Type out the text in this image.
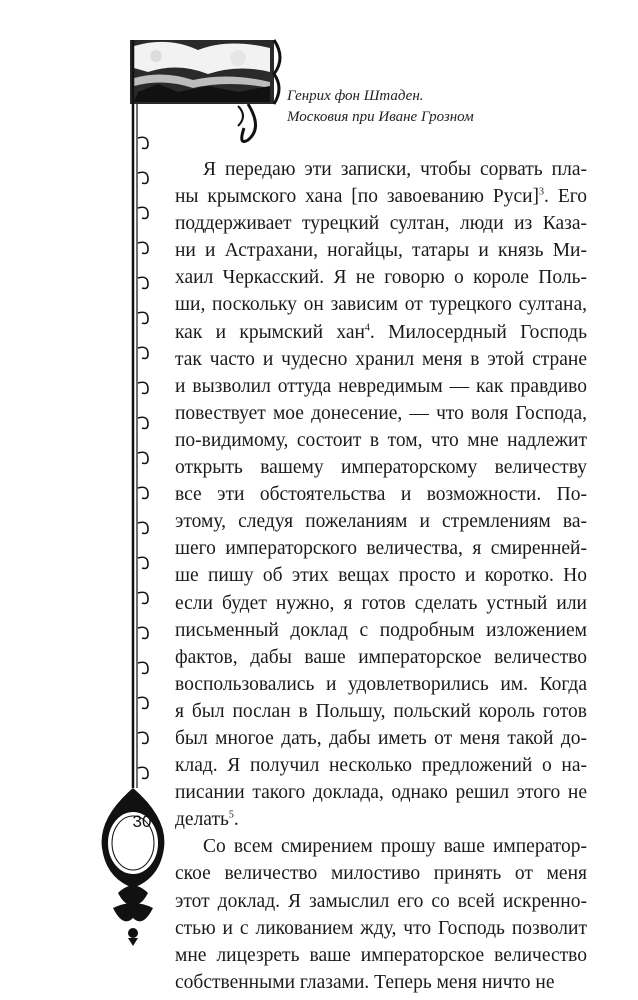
Генрих фон Штаден.
Московия при Иване Грозном
30

Я передаю эти записки, чтобы сорвать пла-
ны крымского хана [по завоеванию Руси]$^3$. Его
поддерживает турецкий султан, люди из Каза-
ни и Астрахани, ногайцы, татары и князь Ми-
хаил Черкасский. Я не говорю о короле Поль-
ши, поскольку он зависим от турецкого султана,
как и крымский хан$^4$. Милосердный Господь
так часто и чудесно хранил меня в этой стране
и вызволил оттуда невредимым — как правдиво
повествует мое донесение, — что воля Господа,
по-видимому, состоит в том, что мне надлежит
открыть вашему императорскому величеству
все эти обстоятельства и возможности. По-
этому, следуя пожеланиям и стремлениям ва-
шего императорского величества, я смиренней-
ше пишу об этих вещах просто и коротко. Но
если будет нужно, я готов сделать устный или
письменный доклад с подробным изложением
фактов, дабы ваше императорское величество
воспользовались и удовлетворились им. Когда
я был послан в Польшу, польский король готов
был многое дать, дабы иметь от меня такой до-
клад. Я получил несколько предложений о на-
писании такого доклада, однако решил этого не
делать$^5$.

Со всем смирением прошу ваше император-
ское величество милостиво принять от меня
этот доклад. Я замыслил его со всей искренно-
стью и с ликованием жду, что Господь позволит
мне лицезреть ваше императорское величество
собственными глазами. Теперь меня ничто не
